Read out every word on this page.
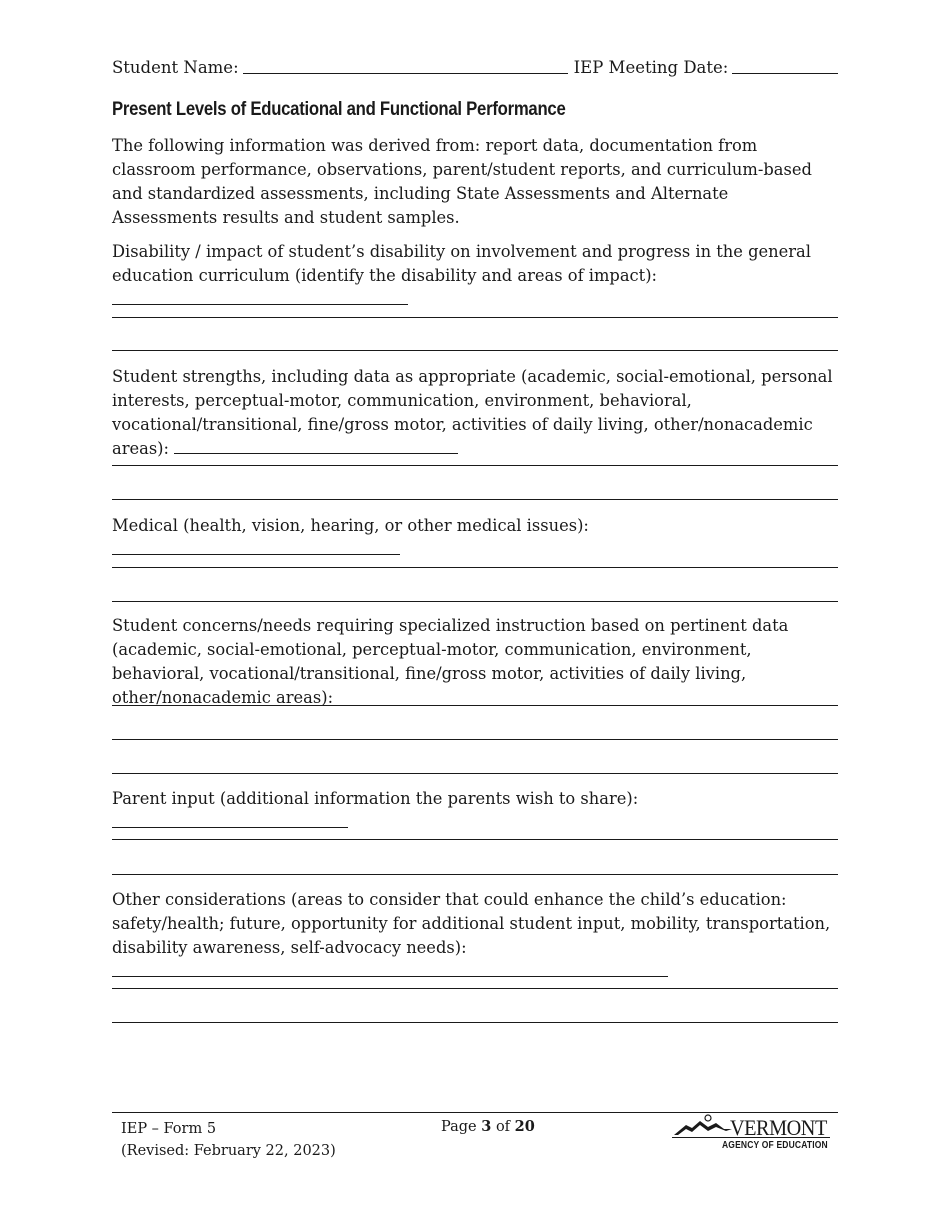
Student Name:	IEP Meeting Date:
Present Levels of Educational and Functional Performance

The following information was derived from: report data, documentation from classroom performance, observations, parent/student reports, and curriculum-based and standardized assessments, including State Assessments and Alternate Assessments results and student samples.

Disability / impact of student’s disability on involvement and progress in the general education curriculum (identify the disability and areas of impact):

Student strengths, including data as appropriate (academic, social-emotional, personal interests, perceptual-motor, communication, environment, behavioral, vocational/transitional, fine/gross motor, activities of daily living, other/nonacademic areas):

Medical (health, vision, hearing, or other medical issues):

Student concerns/needs requiring specialized instruction based on pertinent data (academic, social-emotional, perceptual-motor, communication, environment, behavioral, vocational/transitional, fine/gross motor, activities of daily living, other/nonacademic areas):

Parent input (additional information the parents wish to share):

Other considerations (areas to consider that could enhance the child’s education: safety/health; future, opportunity for additional student input, mobility, transportation, disability awareness, self-advocacy needs):

IEP – Form 5
(Revised: February 22, 2023)
Page 3 of 20	VERMONT
AGENCY OF EDUCATION
